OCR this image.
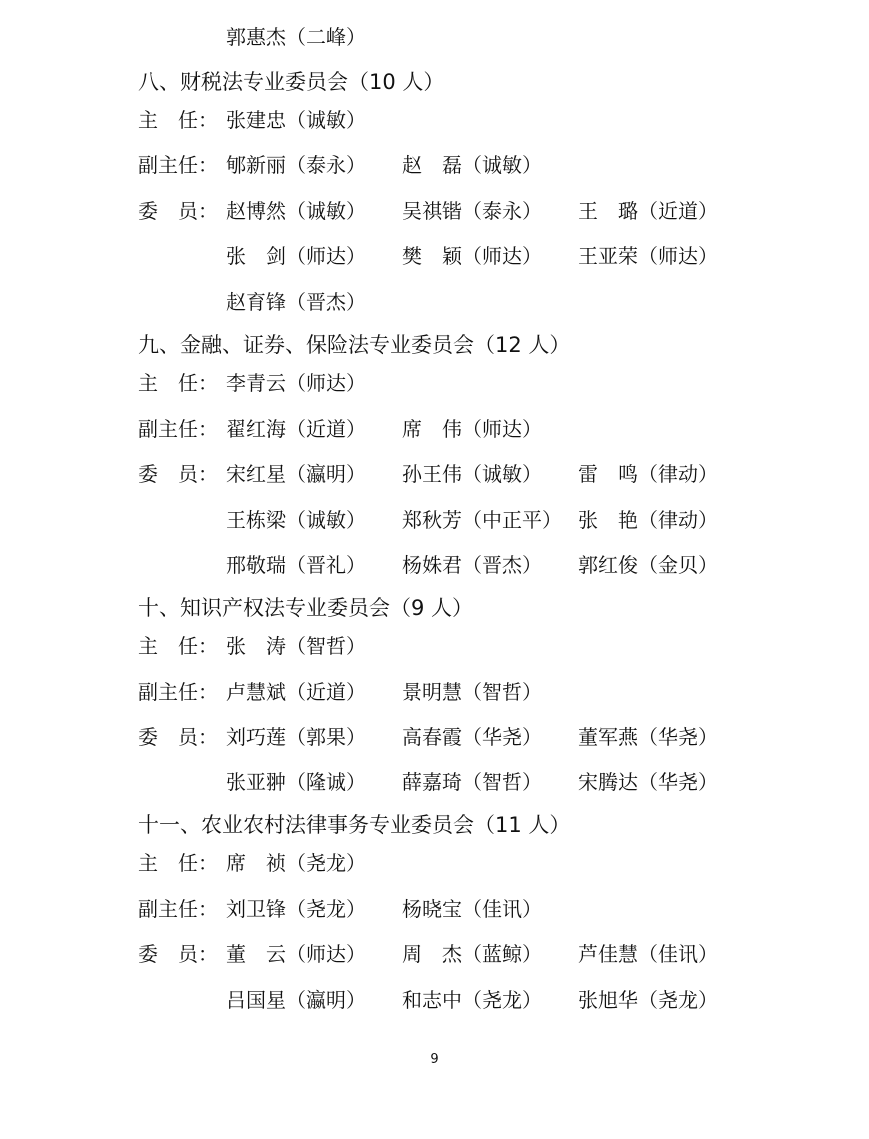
郭惠杰（二峰）
八、财税法专业委员会（10 人）
主　任： 张建忠（诚敏）
副主任： 郇新丽（泰永） 赵　磊（诚敏）
委　员： 赵博然（诚敏） 吴祺锴（泰永） 王　璐（近道）
张　剑（师达） 樊　颖（师达） 王亚荣（师达）
赵育锋（晋杰）
九、金融、证券、保险法专业委员会（12 人）
主　任： 李青云（师达）
副主任： 翟红海（近道） 席　伟（师达）
委　员： 宋红星（瀛明） 孙王伟（诚敏） 雷　鸣（律动）
王栋梁（诚敏） 郑秋芳（中正平） 张　艳（律动）
邢敬瑞（晋礼） 杨姝君（晋杰） 郭红俊（金贝）
十、知识产权法专业委员会（9 人）
主　任： 张　涛（智哲）
副主任： 卢慧斌（近道） 景明慧（智哲）
委　员： 刘巧莲（郭果） 高春霞（华尧） 董军燕（华尧）
张亚翀（隆诚） 薛嘉琦（智哲） 宋腾达（华尧）
十一、农业农村法律事务专业委员会（11 人）
主　任： 席　祯（尧龙）
副主任： 刘卫锋（尧龙） 杨晓宝（佳讯）
委　员： 董　云（师达） 周　杰（蓝鲸） 芦佳慧（佳讯）
吕国星（瀛明） 和志中（尧龙） 张旭华（尧龙）
9
